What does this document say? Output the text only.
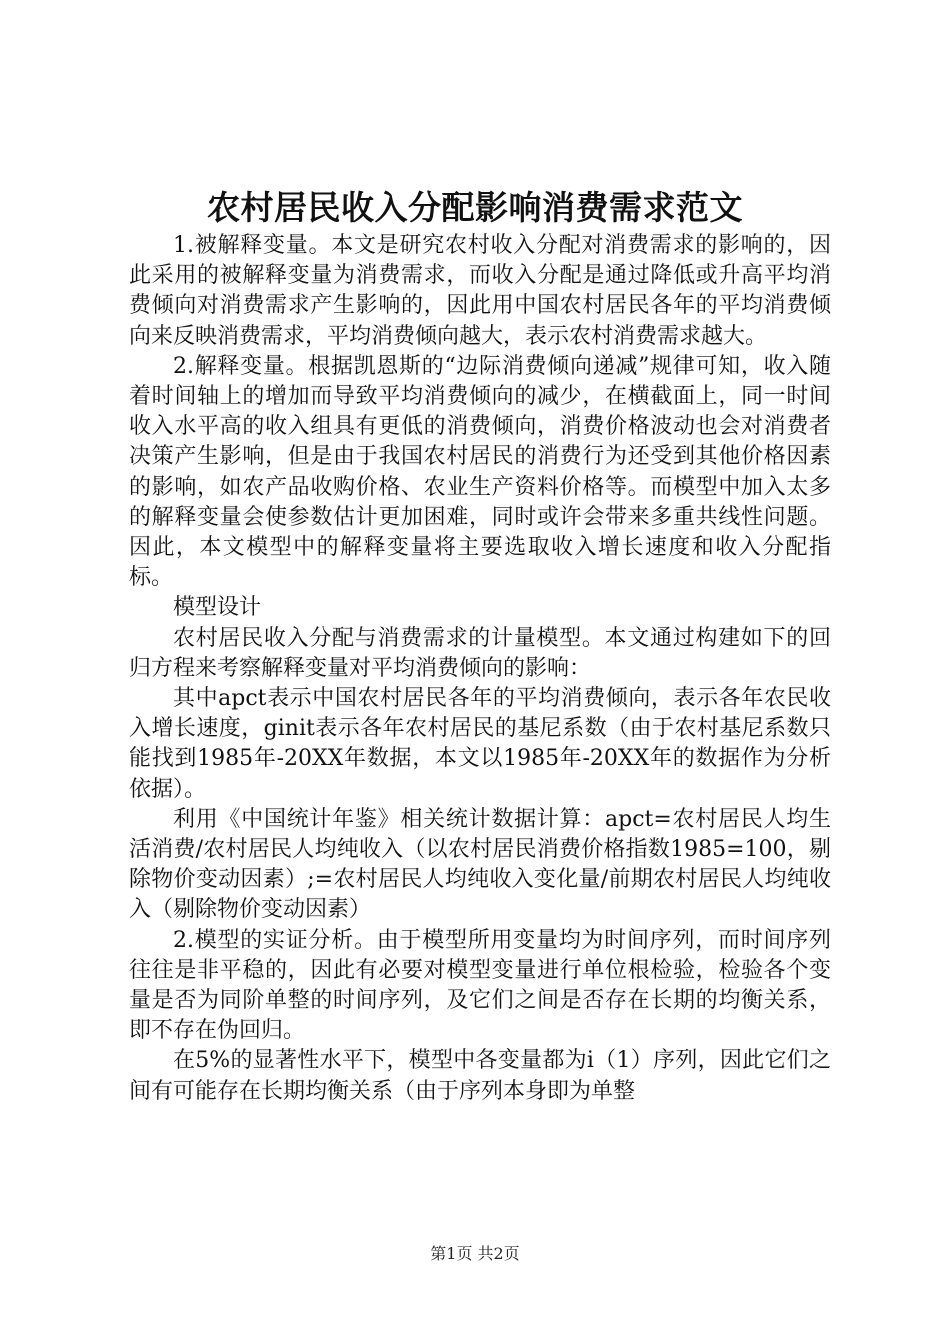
农村居民收入分配影响消费需求范文

1.被解释变量。本文是研究农村收入分配对消费需求的影响的，因此采用的被解释变量为消费需求，而收入分配是通过降低或升高平均消费倾向对消费需求产生影响的，因此用中国农村居民各年的平均消费倾向来反映消费需求，平均消费倾向越大，表示农村消费需求越大。

2.解释变量。根据凯恩斯的“边际消费倾向递减”规律可知，收入随着时间轴上的增加而导致平均消费倾向的减少，在横截面上，同一时间收入水平高的收入组具有更低的消费倾向，消费价格波动也会对消费者决策产生影响，但是由于我国农村居民的消费行为还受到其他价格因素的影响，如农产品收购价格、农业生产资料价格等。而模型中加入太多的解释变量会使参数估计更加困难，同时或许会带来多重共线性问题。因此，本文模型中的解释变量将主要选取收入增长速度和收入分配指标。

模型设计

农村居民收入分配与消费需求的计量模型。本文通过构建如下的回归方程来考察解释变量对平均消费倾向的影响：

其中apct表示中国农村居民各年的平均消费倾向，表示各年农民收入增长速度，ginit表示各年农村居民的基尼系数（由于农村基尼系数只能找到1985年-20XX年数据，本文以1985年-20XX年的数据作为分析依据）。

利用《中国统计年鉴》相关统计数据计算：apct=农村居民人均生活消费/农村居民人均纯收入（以农村居民消费价格指数1985=100，剔除物价变动因素）;=农村居民人均纯收入变化量/前期农村居民人均纯收入（剔除物价变动因素）

2.模型的实证分析。由于模型所用变量均为时间序列，而时间序列往往是非平稳的，因此有必要对模型变量进行单位根检验，检验各个变量是否为同阶单整的时间序列，及它们之间是否存在长期的均衡关系，即不存在伪回归。

在5%的显著性水平下，模型中各变量都为i（1）序列，因此它们之间有可能存在长期均衡关系（由于序列本身即为单整

第1页 共2页
